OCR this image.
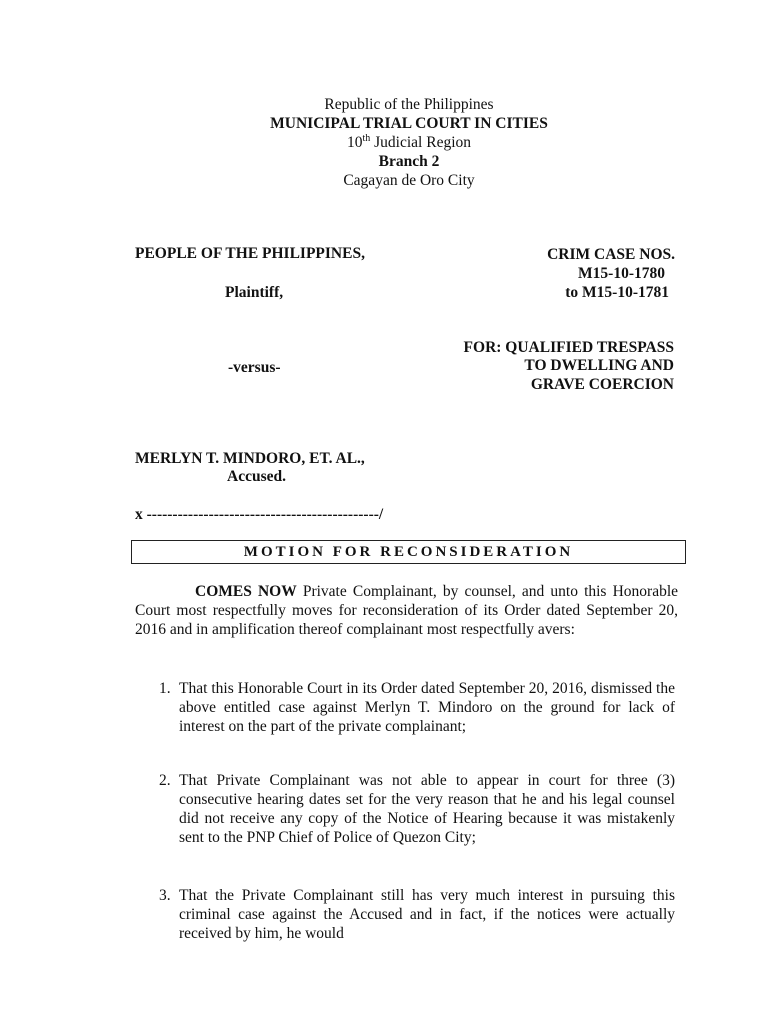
Republic of the Philippines
MUNICIPAL TRIAL COURT IN CITIES
10th Judicial Region
Branch 2
Cagayan de Oro City
PEOPLE OF THE PHILIPPINES,
Plaintiff,
-versus-
MERLYN T. MINDORO, ET. AL.,
Accused.
CRIM CASE NOS.
M15-10-1780
to M15-10-1781
FOR: QUALIFIED TRESPASS
TO DWELLING AND
GRAVE COERCION
x ---------------------------------------------/
MOTION FOR RECONSIDERATION
COMES NOW Private Complainant, by counsel, and unto this Honorable Court most respectfully moves for reconsideration of its Order dated September 20, 2016 and in amplification thereof complainant most respectfully avers:
1. That this Honorable Court in its Order dated September 20, 2016, dismissed the above entitled case against Merlyn T. Mindoro on the ground for lack of interest on the part of the private complainant;
2. That Private Complainant was not able to appear in court for three (3) consecutive hearing dates set for the very reason that he and his legal counsel did not receive any copy of the Notice of Hearing because it was mistakenly sent to the PNP Chief of Police of Quezon City;
3. That the Private Complainant still has very much interest in pursuing this criminal case against the Accused and in fact, if the notices were actually received by him, he would
